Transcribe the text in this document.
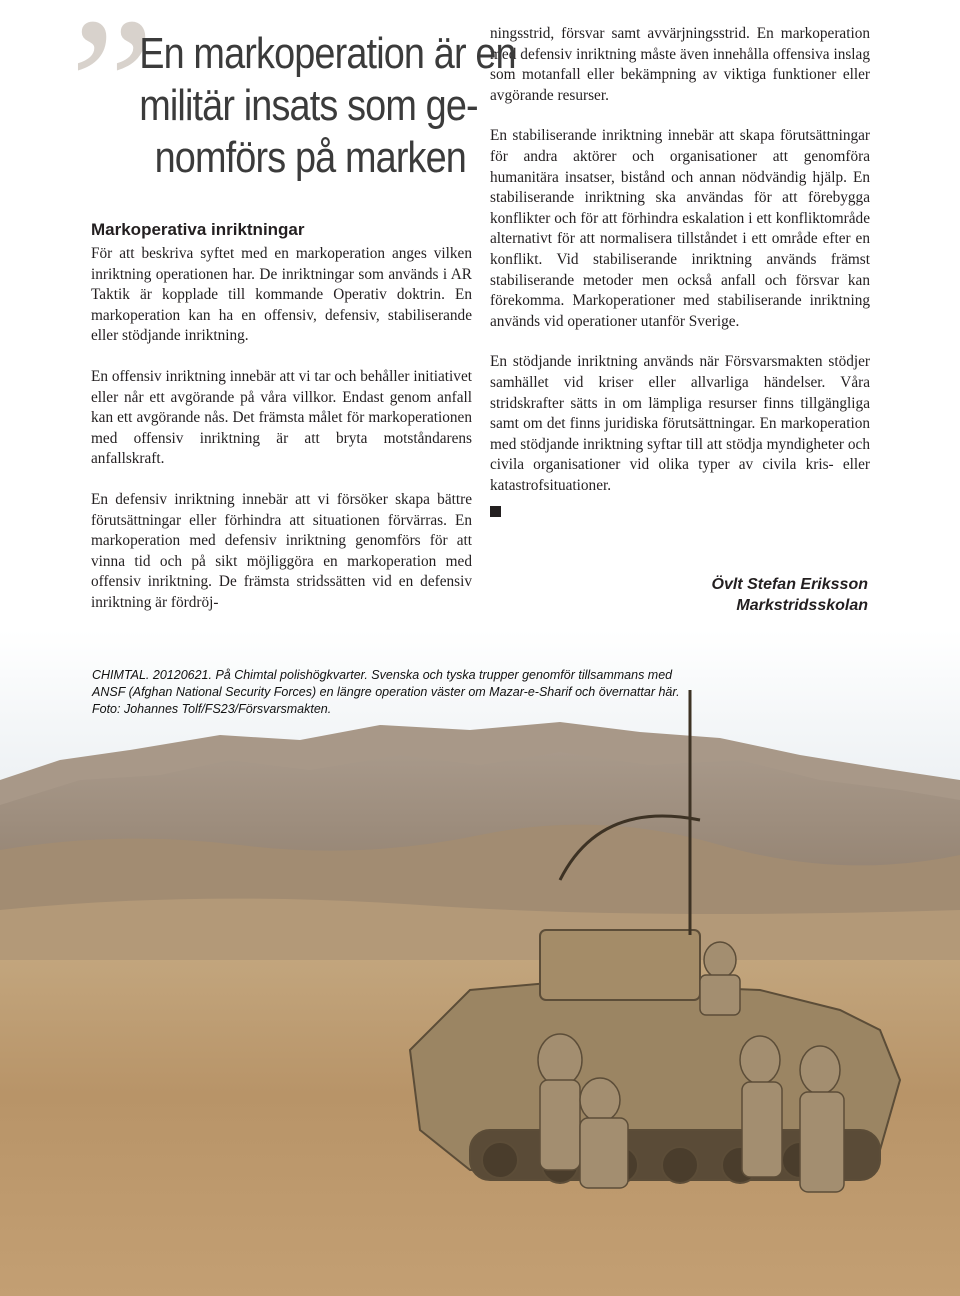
”
En markoperation är en
militär insats som ge-
nomförs på marken
Markoperativa inriktningar

För att beskriva syftet med en markoperation anges vilken inriktning operationen har. De inriktningar som används i AR Taktik är kopplade till kommande Operativ doktrin. En markoperation kan ha en offensiv, defensiv, stabiliserande eller stödjande inriktning.

En offensiv inriktning innebär att vi tar och behåller initiativet eller når ett avgörande på våra villkor. Endast genom anfall kan ett avgörande nås. Det främsta målet för markoperationen med offensiv inriktning är att bryta motståndarens anfallskraft.

En defensiv inriktning innebär att vi försöker skapa bättre förutsättningar eller förhindra att situationen förvärras. En markoperation med defensiv inriktning genomförs för att vinna tid och på sikt möjliggöra en markoperation med offensiv inriktning. De främsta stridssätten vid en defensiv inriktning är fördröj-

ningsstrid, försvar samt avvärjningsstrid. En markoperation med defensiv inriktning måste även innehålla offensiva inslag som motanfall eller bekämpning av viktiga funktioner eller avgörande resurser.

En stabiliserande inriktning innebär att skapa förutsättningar för andra aktörer och organisationer att genomföra humanitära insatser, bistånd och annan nödvändig hjälp. En stabiliserande inriktning ska användas för att förebygga konflikter och för att förhindra eskalation i ett konfliktområde alternativt för att normalisera tillståndet i ett område efter en konflikt. Vid stabiliserande inriktning används främst stabiliserande metoder men också anfall och försvar kan förekomma. Markoperationer med stabiliserande inriktning används vid operationer utanför Sverige.

En stödjande inriktning används när Försvarsmakten stödjer samhället vid kriser eller allvarliga händelser. Våra stridskrafter sätts in om lämpliga resurser finns tillgängliga samt om det finns juridiska förutsättningar. En markoperation med stödjande inriktning syftar till att stödja myndigheter och civila organisationer vid olika typer av civila kris- eller katastrofsituationer.

Övlt Stefan Eriksson
Markstridsskolan
CHIMTAL. 20120621. På Chimtal polishögkvarter. Svenska och tyska trupper genomför tillsammans med
ANSF (Afghan National Security Forces) en längre operation väster om Mazar-e-Sharif och övernattar här.
Foto: Johannes Tolf/FS23/Försvarsmakten.
